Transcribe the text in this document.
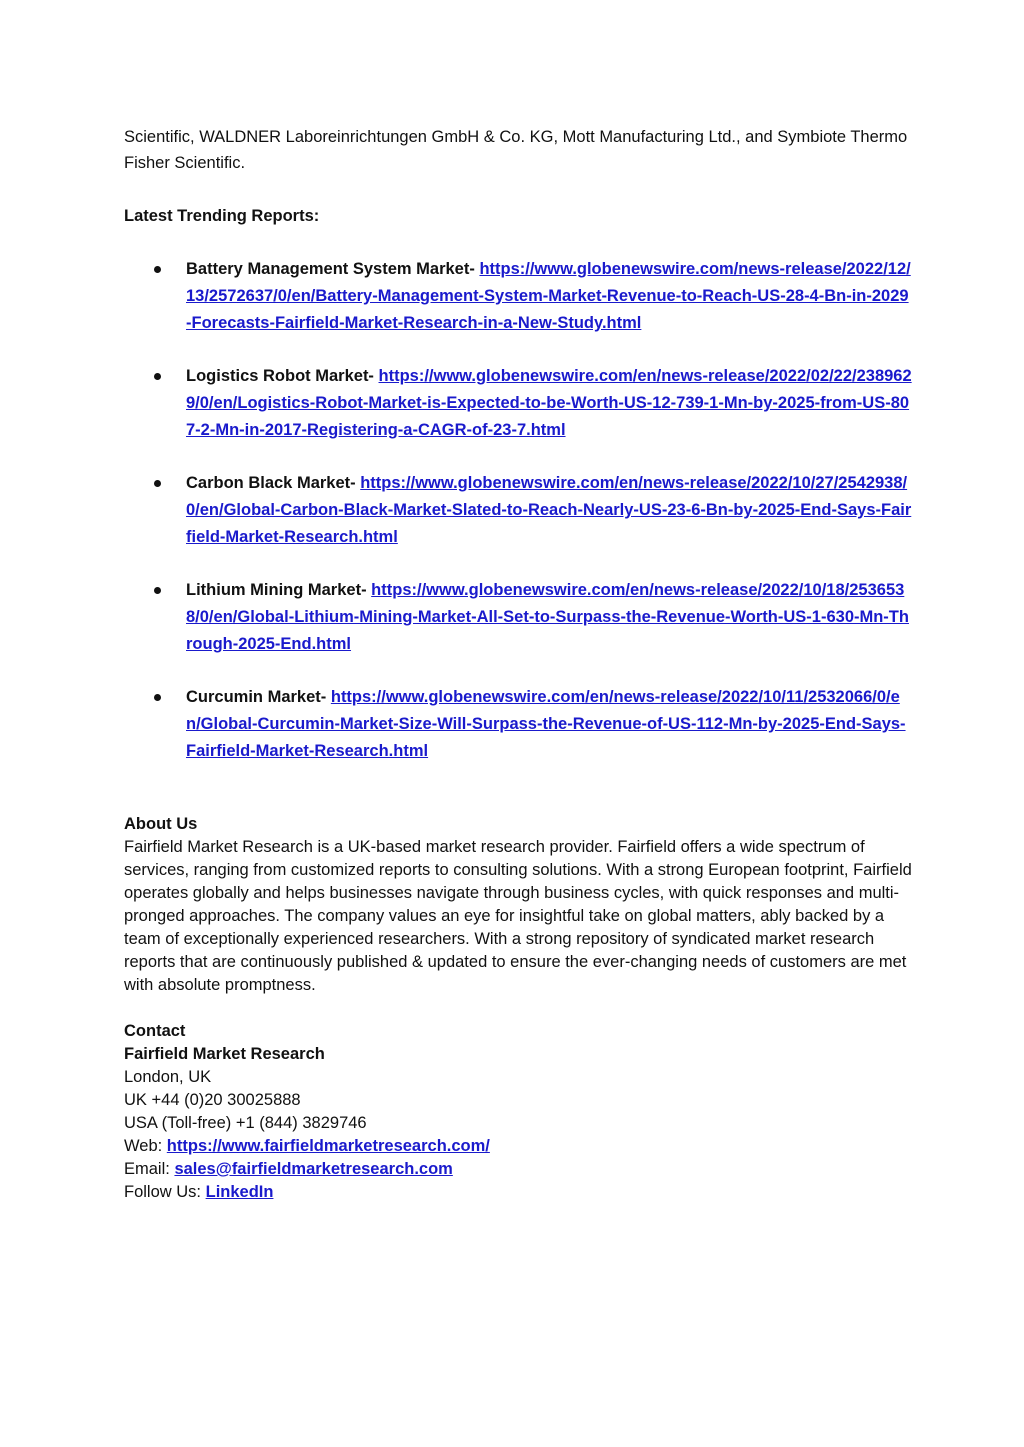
Scientific, WALDNER Laboreinrichtungen GmbH & Co. KG, Mott Manufacturing Ltd., and Symbiote Thermo Fisher Scientific.

Latest Trending Reports:

Battery Management System Market- https://www.globenewswire.com/news-release/2022/12/13/2572637/0/en/Battery-Management-System-Market-Revenue-to-Reach-US-28-4-Bn-in-2029-Forecasts-Fairfield-Market-Research-in-a-New-Study.html
Logistics Robot Market- https://www.globenewswire.com/en/news-release/2022/02/22/2389629/0/en/Logistics-Robot-Market-is-Expected-to-be-Worth-US-12-739-1-Mn-by-2025-from-US-807-2-Mn-in-2017-Registering-a-CAGR-of-23-7.html
Carbon Black Market- https://www.globenewswire.com/en/news-release/2022/10/27/2542938/0/en/Global-Carbon-Black-Market-Slated-to-Reach-Nearly-US-23-6-Bn-by-2025-End-Says-Fairfield-Market-Research.html
Lithium Mining Market- https://www.globenewswire.com/en/news-release/2022/10/18/2536538/0/en/Global-Lithium-Mining-Market-All-Set-to-Surpass-the-Revenue-Worth-US-1-630-Mn-Through-2025-End.html
Curcumin Market- https://www.globenewswire.com/en/news-release/2022/10/11/2532066/0/en/Global-Curcumin-Market-Size-Will-Surpass-the-Revenue-of-US-112-Mn-by-2025-End-Says-Fairfield-Market-Research.html

About Us

Fairfield Market Research is a UK-based market research provider. Fairfield offers a wide spectrum of services, ranging from customized reports to consulting solutions. With a strong European footprint, Fairfield operates globally and helps businesses navigate through business cycles, with quick responses and multi-pronged approaches. The company values an eye for insightful take on global matters, ably backed by a team of exceptionally experienced researchers. With a strong repository of syndicated market research reports that are continuously published & updated to ensure the ever-changing needs of customers are met with absolute promptness.

Contact
Fairfield Market Research
London, UK
UK +44 (0)20 30025888
USA (Toll-free) +1 (844) 3829746
Web: https://www.fairfieldmarketresearch.com/
Email: sales@fairfieldmarketresearch.com
Follow Us: LinkedIn
